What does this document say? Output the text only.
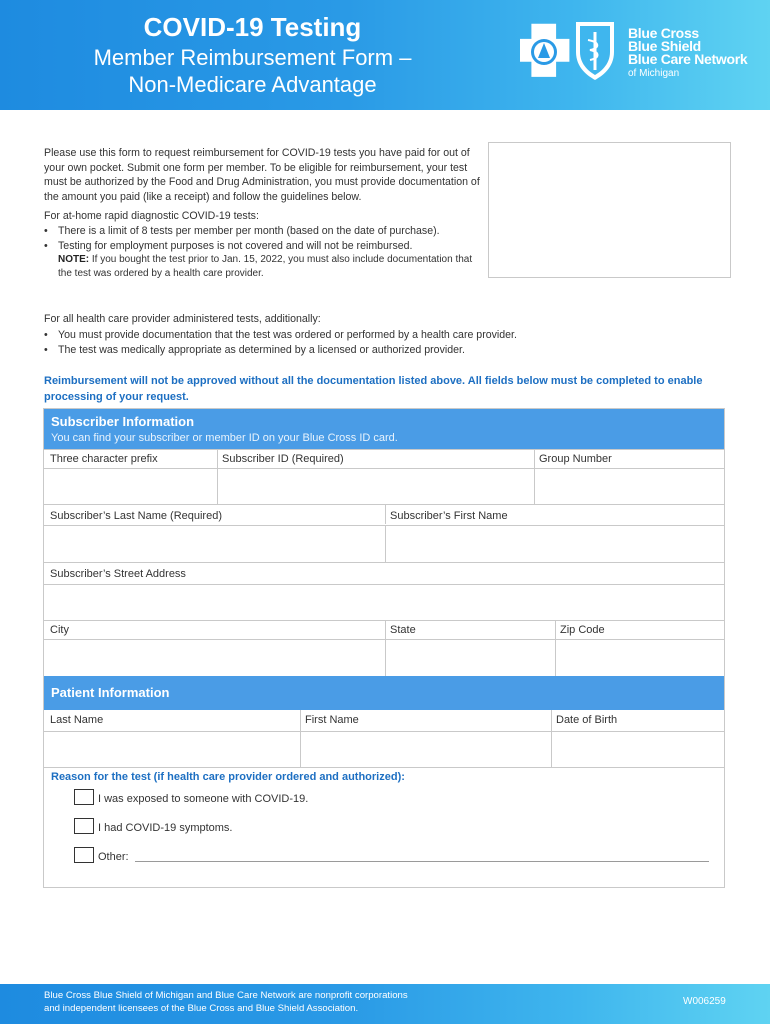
COVID-19 Testing
Member Reimbursement Form –
Non-Medicare Advantage
Blue Cross
Blue Shield
Blue Care Network
of Michigan

Please use this form to request reimbursement for COVID-19 tests you have paid for out of your own pocket. Submit one form per member. To be eligible for reimbursement, your test must be authorized by the Food and Drug Administration, you must provide documentation of the amount you paid (like a receipt) and follow the guidelines below.

For at-home rapid diagnostic COVID-19 tests:
• There is a limit of 8 tests per member per month (based on the date of purchase).
• Testing for employment purposes is not covered and will not be reimbursed.
NOTE: If you bought the test prior to Jan. 15, 2022, you must also include documentation that the test was ordered by a health care provider.
For all health care provider administered tests, additionally:
• You must provide documentation that the test was ordered or performed by a health care provider.
• The test was medically appropriate as determined by a licensed or authorized provider.
Reimbursement will not be approved without all the documentation listed above. All fields below must be completed to enable processing of your request.
Subscriber Information
You can find your subscriber or member ID on your Blue Cross ID card.
Three character prefix	Subscriber ID (Required)	Group Number
Subscriber’s Last Name (Required)	Subscriber’s First Name
Subscriber’s Street Address
City	State	Zip Code
Patient Information
Last Name	First Name	Date of Birth
Reason for the test (if health care provider ordered and authorized):
I was exposed to someone with COVID-19.
I had COVID-19 symptoms.
Other:
Blue Cross Blue Shield of Michigan and Blue Care Network are nonprofit corporations
and independent licensees of the Blue Cross and Blue Shield Association.
W006259
